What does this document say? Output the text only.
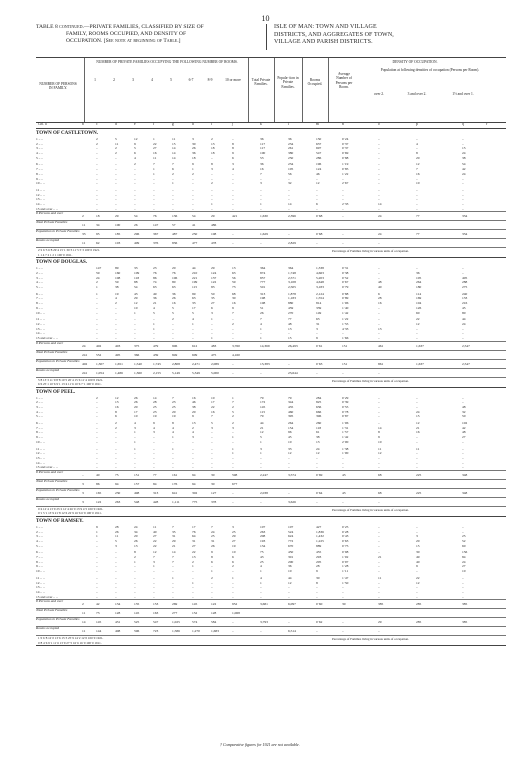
10
TABLE 8 continued.—PRIVATE FAMILIES, CLASSIFIED BY SIZE OF
FAMILY, ROOMS OCCUPIED, AND DENSITY OF
OCCUPATION. [See note at beginning of Table.]
ISLE OF MAN: TOWN AND VILLAGE
DISTRICTS, AND AGGREGATES OF TOWN,
VILLAGE AND PARISH DISTRICTS.
NUMBER OF PERSONS IN FAMILY.
NUMBER OF PRIVATE FAMILIES OCCUPYING THE FOLLOWING NUMBER OF ROOMS.
1	2	3	4	5	6-7	8-9	10 or more	Total Private Families.
Popula- tion in Private Families.
Rooms Occupied.
DENSITY OF OCCUPATION.
Average Number of Persons per Room.
Population at following densities of occupation (Persons per Room).
over 2.	3 and over 2.	1½ and over 1.
Col. a	b	c	d	e	f	g	h	i	j	k	l	m	n	o	p	q	r
TOWN OF CASTLETOWN.
1 .. ..	2	5	12	1	11	3	2	–	36	36	150	0·24	–	–	–
2 .. ..	2	11	9	22	15	30	13	8	117	234	637	0·37	–	4	–
3 .. ..	–	2	5	27	14	26	18	8	117	261	697	0·37	–	–	15
4 .. ..	–	2	6	16	14	36	18	9	100	380	547	0·69	–	8	24
5 .. ..	–	–	4	11	14	18	–	6	53	250	286	0·88	–	20	38
6 .. ..	–	–	2	7	7	9	8	3	36	234	196	1·19	–	12	54
7 .. ..	–	–	–	1	6	1	3	4	16	105	124	0·85	–	7	42
8 .. ..	–	–	–	1	2	2	–	–	7	56	46	1·22	–	16	24
9 .. ..	–	–	–	–	–	–	–	–	–	–	–	–	–	–	–
10 .. ..	–	–	–	–	1	–	2	–	3	32	12	2·67	–	10	–
11 .. ..	–	–	–	–	–	–	–	–	–	–	–	–	–	–	–
12 .. ..	–	–	–	–	–	–	–	–	–	–	–	–	–	–	–
13 .. ..	–	–	–	–	–	–	–	–	–	–	–	–	–	–	–
14 .. ..	–	–	–	–	–	–	1	–	1	14	6	2·33	14	–	–
15 and over .. ..	–	–	–	–	–	–	–	–	–	–	–	–	–	–	–
8 Persons and over
2	18	29	54	76	136	54	29	421	1,630	2,396	0·68	–	24	77	334
Total Private Families
11	34	100	26	147	57	41	486
Population in Private Families
33	95	185	296	367	487	250	108	–	1,629	–	0·68	–	24	77	334
Rooms occupied
11	62	103	409	376	836	477	478	–	–	2,829	–	–	–
2·2 6·3 6·8 29·4 15·1 30·3 11·5 5·3 100·0 1921.
1 1 4 7 2 1 2 1 100·0 1911.
Percentage of Families living in various units of occupation.
TOWN OF DOUGLAS.
1 .. ..	147	89	33	23	20	44	29	13	364	364	1,338	0·31	–	–	–
2 .. ..	59	160	109	76	76	210	124	63	874	1,748	4,663	0·38	–	36	–
3 .. ..	24	108	118	86	106	221	137	56	857	2,571	5,203	0·52	–	105	405
4 .. ..	2	59	88	74	80	199	122	59	777	3,108	4,648	0·67	48	264	288
5 .. ..	1	38	54	63	63	115	83	73	501	2,505	3,183	0·79	40	180	275
6 .. ..	1	19	43	49	36	99	50	68	313	1,878	2,124	0·88	6	114	240
7 .. ..	–	4	29	36	26	63	35	30	198	1,183	1,554	0·89	28	169	133
8 .. ..	–	2	12	21	16	33	27	16	108	880	814	1·06	16	104	216
9 .. ..	–	–	10	4	5	17	6	9	51	459	339	1·40	–	126	45
10 .. ..	–	–	1	5	5	5	3	7	26	270	149	1·42	–	60	80
11 .. ..	–	–	–	–	2	4	1	–	7	77	63	1·22	–	22	44
12 .. ..	–	–	–	1	–	1	–	2	4	48	31	1·55	–	12	24
13 .. ..	–	–	–	1	–	–	–	–	1	13	3	4·33	13	–	–
14 .. ..	–	–	–	–	–	–	–	–	–	–	–	–	–	–	–
15 and over .. ..	–	–	–	–	–	–	1	–	1	15	9	1·66	–	–	–
8 Persons and over
24	402	403	375	479	906	612	483	3,760	14,369	26,493	0·61	151	461	1,637	2,547
Total Private Families
241	552	495	366	439	849	609	475	4,160
Population in Private Families
402	1,307	1,651	1,540	1,745	2,808	2,471	2,089	–	13,383	–	0·63	151	861	1,637	2,547
Rooms occupied
241	1,054	1,486	1,360	2,155	5,149	5,349	5,000	–	–	23,644	–	–	–
5·8 13·3 11·9 8·8 10·5 20·4 15·6 11·4 100·0 1921.
6·6 25·1 10·6 9·1 13·4 11·6 10·6 7·1 100·0 1911.
Percentage of Families living in various units of occupation.
TOWN OF PEEL.
1 .. ..	2	12	26	14	7	16	10	1	79	79	284	0·29	–	–	–
2 .. ..	–	13	26	28	23	46	17	7	172	344	825	0·39	–	–	–
3 .. ..	–	16	20	25	25	38	22	2	145	435	636	0·55	–	–	48
4 .. ..	–	8	17	23	20	20	16	5	115	460	666	0·78	–	24	32
5 .. ..	–	6	10	19	19	9	7	2	79	395	396	0·87	–	15	50
6 .. ..	–	2	4	9	8	13	5	2	44	264	260	1·06	–	12	102
7 .. ..	–	2	3	4	4	2	3	3	21	154	118	1·31	14	21	42
8 .. ..	–	–	1	3	4	4	–	–	12	96	61	1·57	8	16	48
9 .. ..	–	–	–	–	1	3	–	1	5	45	38	1·42	9	–	27
10 .. ..	–	–	1	–	–	–	–	–	1	10	13	2·00	10	–	–
11 .. ..	–	–	1	–	1	–	–	1	3	33	24	1·38	11	11	–
12 .. ..	–	–	–	–	–	–	–	1	1	12	12	1·00	12	–	–
13 .. ..	–	–	–	–	–	–	–	–	–	–	–	–	–	–	–
14 .. ..	–	–	–	–	–	–	–	–	–	–	–	–	–	–	–
15 and over .. ..	–	–	–	–	–	–	–	–	–	–	–	–	–	–	–
8 Persons and over
–	40	75	151	77	161	94	30	598	2,247	3,574	0·69	43	68	225	348
Total Private Families
3	86	94	157	84	176	94	30	677
Population in Private Families
3	165	230	498	313	641	302	127	–	2,038	–	0·64	43	68	225	348
Rooms occupied
3	122	263	548	428	1,111	775	378	–	–	3,626	–	–	–
0·4 12·4 13·9 23·2 12·4 26·0 13·9 4·5 100·0 1921.
0·1 5·1 13·9 21·8 12·6 22·9 16·6 6·9 100·0 1911.
Percentage of Families living in various units of occupation.
TOWN OF RAMSEY.
1 .. ..	9	28	24	11	7	17	7	3	107	107	427	0·25	–	–	–
2 .. ..	1	26	34	40	35	76	24	25	263	524	1,836	0·28	–	–	–
3 .. ..	1	11	20	27	31	64	25	29	208	624	1,432	0·43	–	3	25
4 .. ..	–	5	26	22	29	31	31	27	193	772	1,225	0·63	–	20	52
5 .. ..	–	3	13	22	21	27	26	19	134	670	889	0·75	–	15	60
6 .. ..	–	–	8	12	14	22	9	10	75	450	455	0·98	–	30	156
7 .. ..	–	–	2	7	7	13	8	6	43	301	293	1·02	21	49	84
8 .. ..	–	–	1	3	7	2	6	6	25	200	205	0·97	–	40	24
9 .. ..	–	–	–	1	–	1	–	2	4	36	28	1·28	–	9	27
10 .. ..	–	–	–	–	–	–	1	–	1	10	9	1·11	–	–	10
11 .. ..	–	–	–	–	1	–	2	1	4	44	30	1·47	11	22	–
12 .. ..	–	–	–	–	–	1	–	–	1	12	8	1·50	–	12	–
13 .. ..	–	–	–	–	–	–	–	–	–	–	–	–	–	–	–
14 .. ..	–	–	–	–	–	–	–	–	–	–	–	–	–	–	–
15 and over .. ..	–	–	–	–	–	–	–	–	–	–	–	–	–	–	–
8 Persons and over
2	42	134	135	153	269	145	122	952	3,681	6,097	0·60	30	385	285	385
Total Private Families
11	73	128	145	163	277	152	128	1,068
Population in Private Families
14	145	431	525	547	1,025	574	584	–	3,793	–	0·62	–	29	285	385
Rooms occupied
11	144	408	596	723	1,586	1,270	1,683	–	–	6,514	–	–	–
1·0 6·8 12·0 13·6 15·3 25·9 14·2 12·0 100·0 1921.
0·8 4·6 9·1 11·6 13·9 27·5 16·6 16·0 100·0 1911.
Percentage of Families living in various units of occupation.
† Comparative figures for 1921 are not available.
